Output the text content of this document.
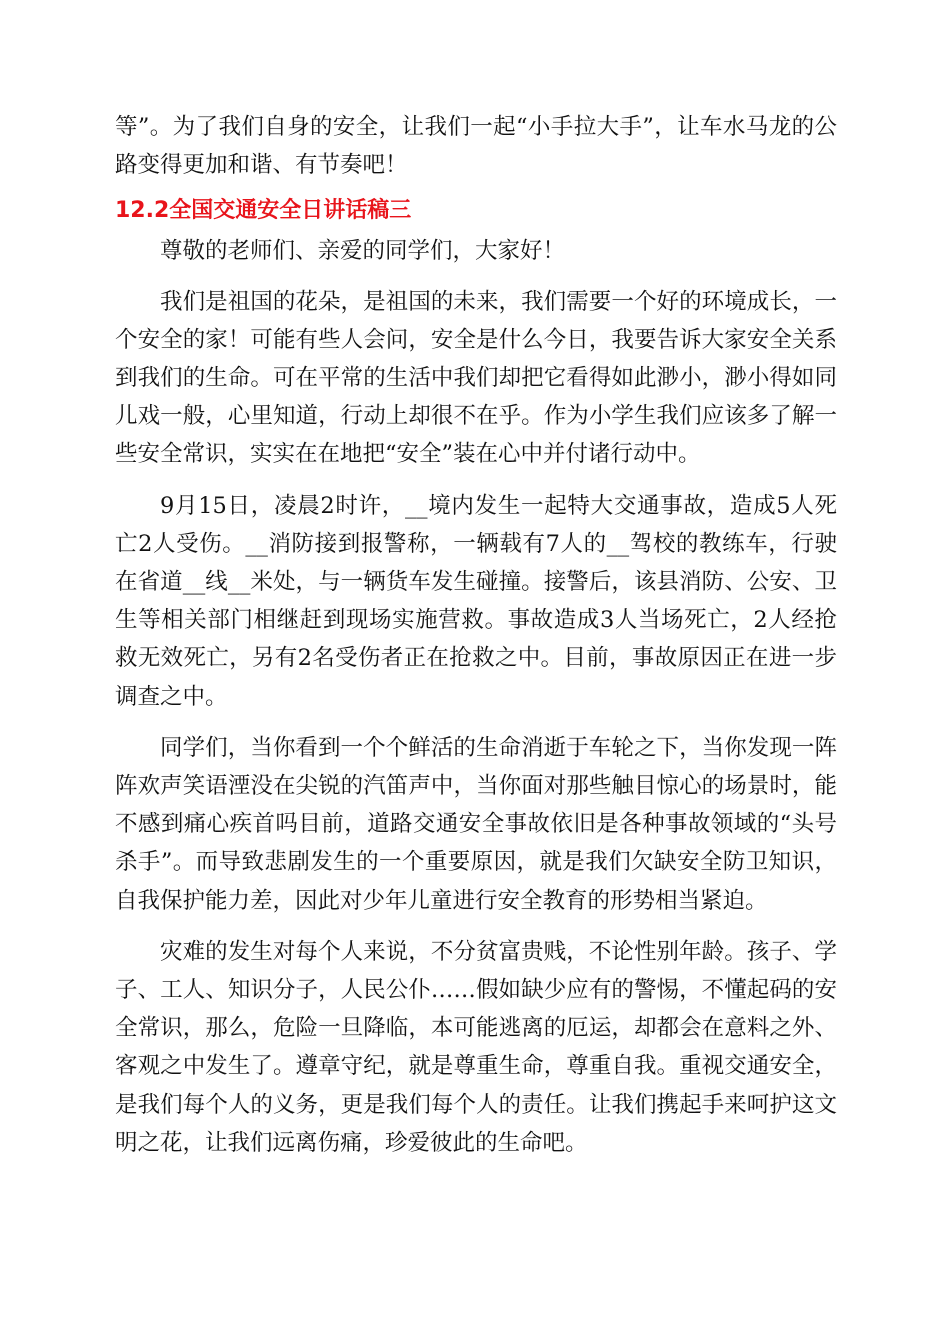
等”。为了我们自身的安全，让我们一起“小手拉大手”，让车水马龙的公路变得更加和谐、有节奏吧！

12.2全国交通安全日讲话稿三

尊敬的老师们、亲爱的同学们，大家好！

我们是祖国的花朵，是祖国的未来，我们需要一个好的环境成长，一个安全的家！可能有些人会问，安全是什么今日，我要告诉大家安全关系到我们的生命。可在平常的生活中我们却把它看得如此渺小，渺小得如同儿戏一般，心里知道，行动上却很不在乎。作为小学生我们应该多了解一些安全常识，实实在在地把“安全”装在心中并付诸行动中。

9月15日，凌晨2时许，__境内发生一起特大交通事故，造成5人死亡2人受伤。__消防接到报警称，一辆载有7人的__驾校的教练车，行驶在省道__线__米处，与一辆货车发生碰撞。接警后，该县消防、公安、卫生等相关部门相继赶到现场实施营救。事故造成3人当场死亡，2人经抢救无效死亡，另有2名受伤者正在抢救之中。目前，事故原因正在进一步调查之中。

同学们，当你看到一个个鲜活的生命消逝于车轮之下，当你发现一阵阵欢声笑语湮没在尖锐的汽笛声中，当你面对那些触目惊心的场景时，能不感到痛心疾首吗目前，道路交通安全事故依旧是各种事故领域的“头号杀手”。而导致悲剧发生的一个重要原因，就是我们欠缺安全防卫知识，自我保护能力差，因此对少年儿童进行安全教育的形势相当紧迫。

灾难的发生对每个人来说，不分贫富贵贱，不论性别年龄。孩子、学子、工人、知识分子，人民公仆……假如缺少应有的警惕，不懂起码的安全常识，那么，危险一旦降临，本可能逃离的厄运，却都会在意料之外、客观之中发生了。遵章守纪，就是尊重生命，尊重自我。重视交通安全，是我们每个人的义务，更是我们每个人的责任。让我们携起手来呵护这文明之花，让我们远离伤痛，珍爱彼此的生命吧。
